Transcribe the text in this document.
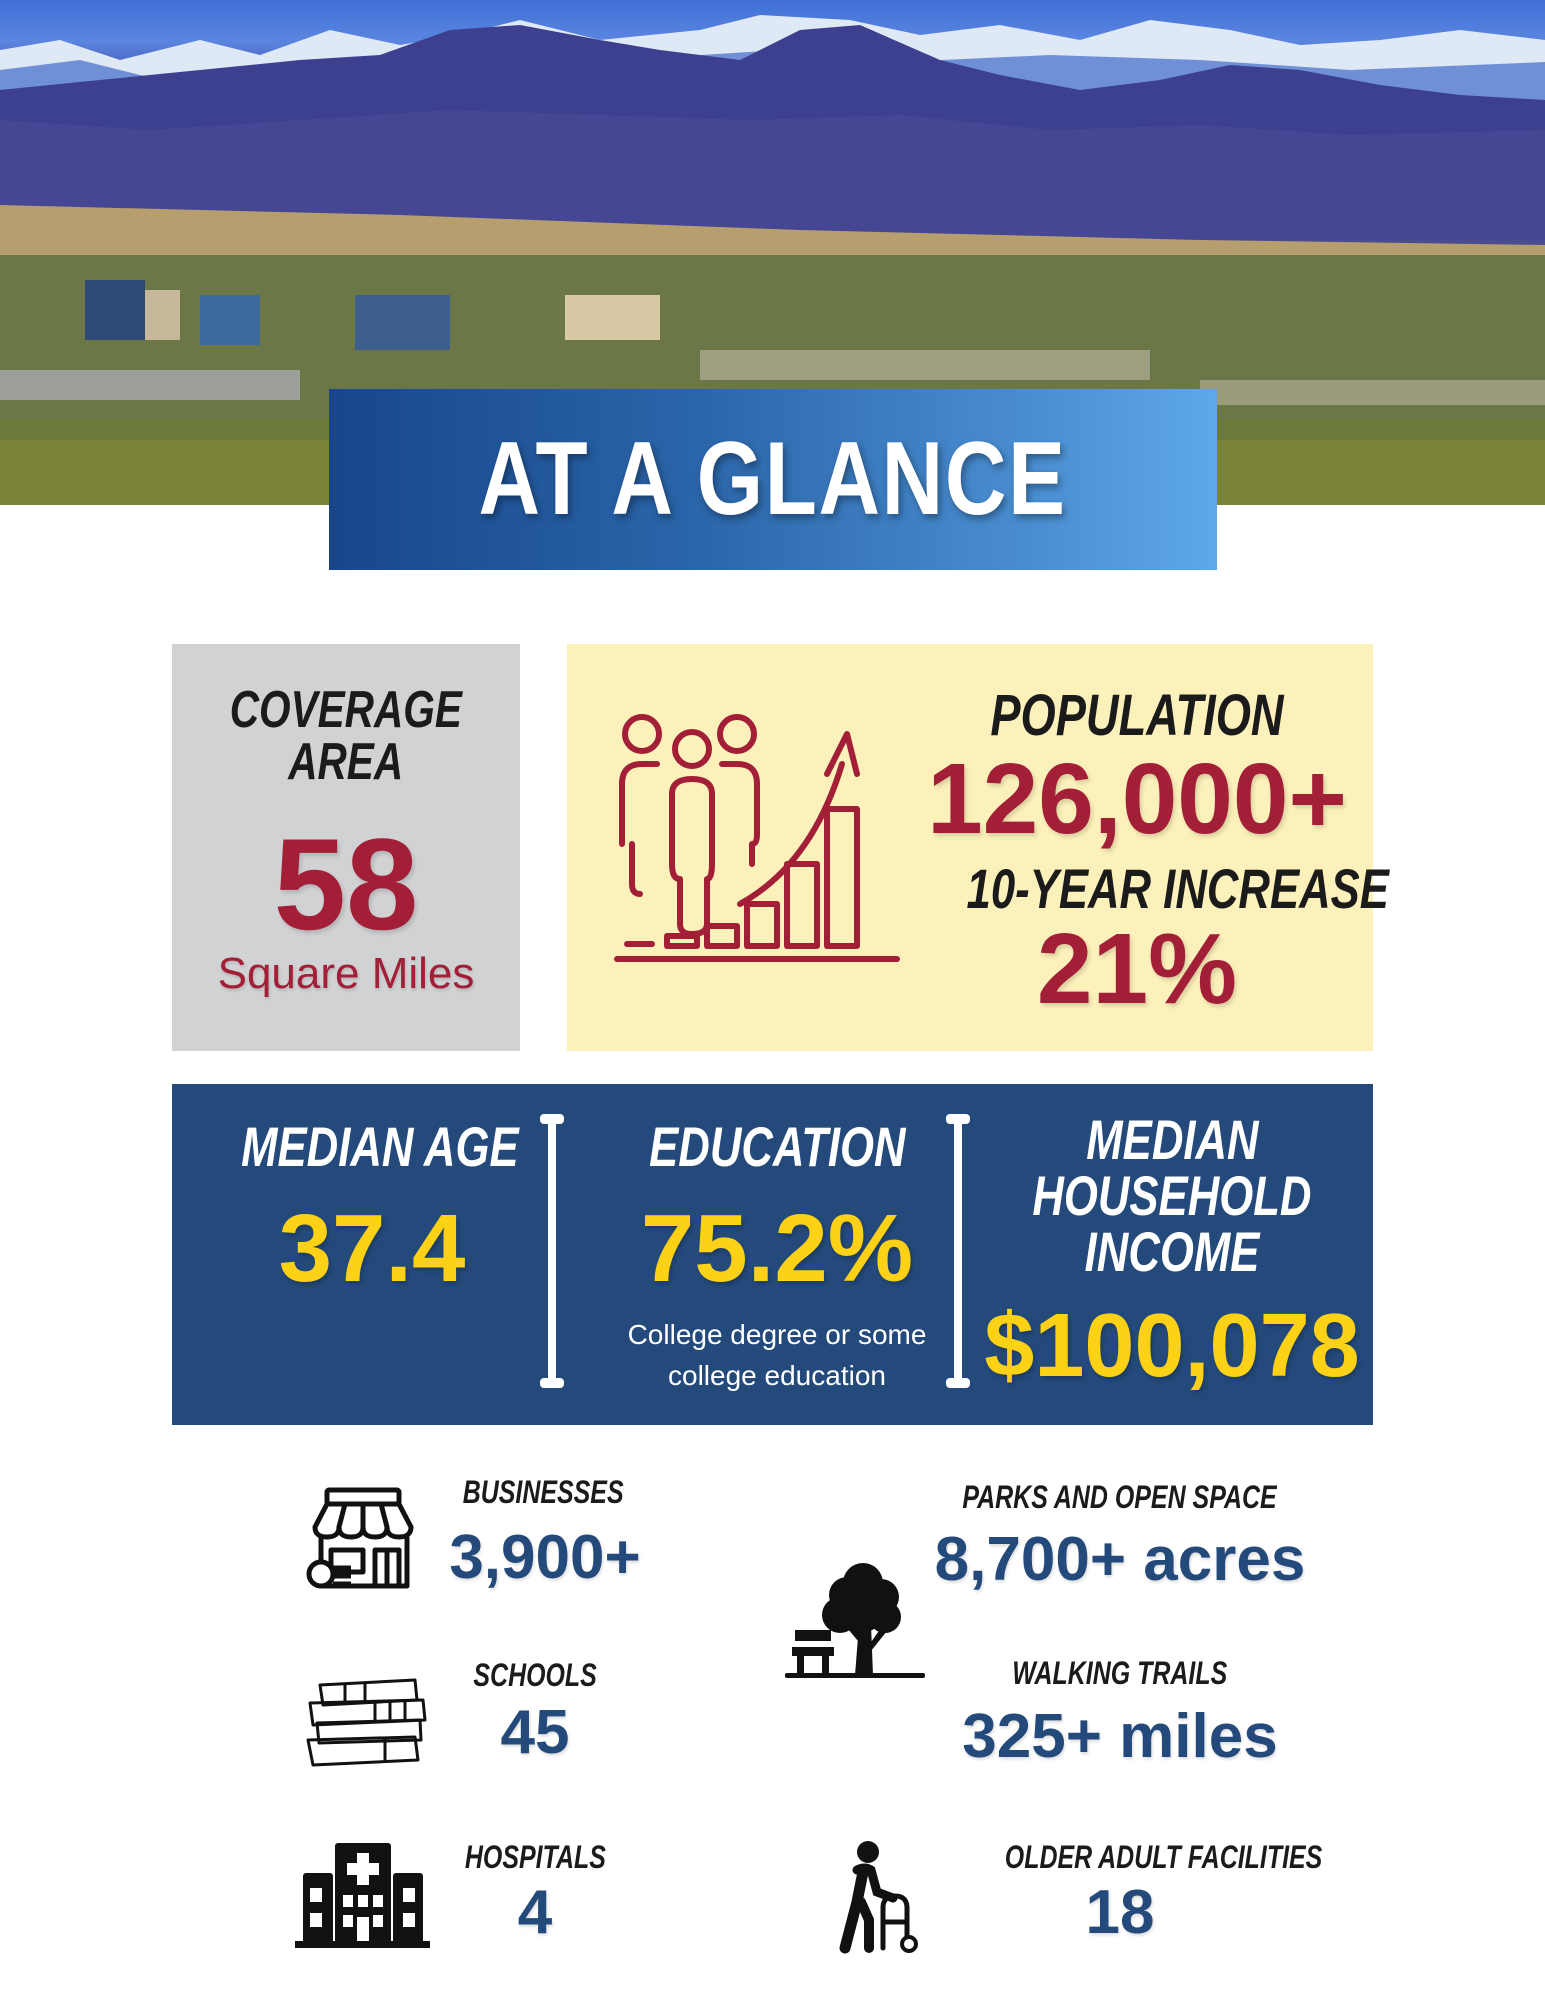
AT A GLANCE
COVERAGE
AREA
58
Square Miles
POPULATION
126,000+
10-YEAR INCREASE
21%
MEDIAN AGE
37.4
EDUCATION
75.2%
College degree or some
college education
MEDIAN
HOUSEHOLD
INCOME
$100,078
BUSINESSES
3,900+
SCHOOLS
45
HOSPITALS
4
PARKS AND OPEN SPACE
8,700+ acres
WALKING TRAILS
325+ miles
OLDER ADULT FACILITIES
18
